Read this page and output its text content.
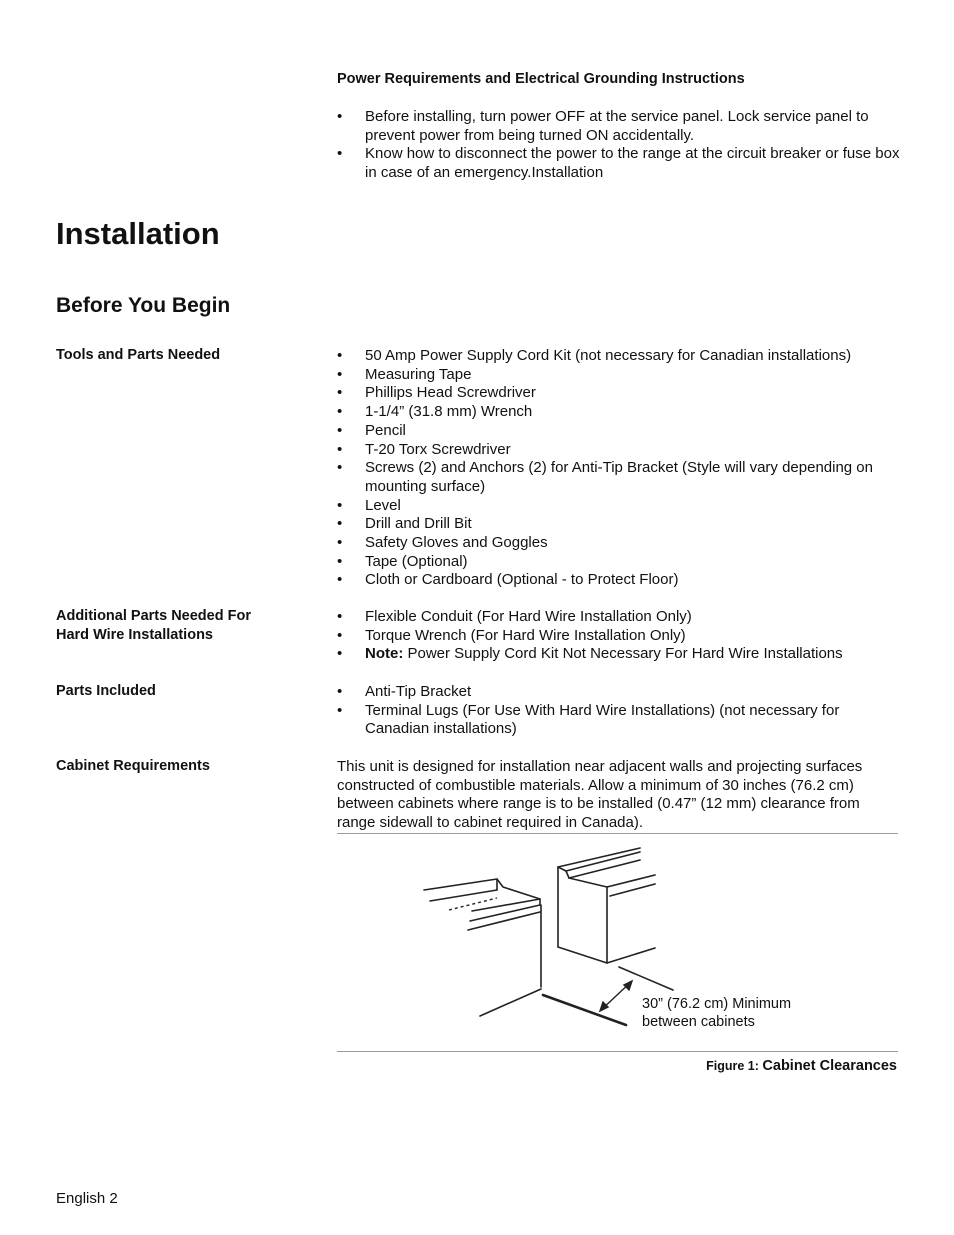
Power Requirements and Electrical Grounding Instructions
• Before installing, turn power OFF at the service panel. Lock service panel to prevent power from being turned ON accidentally.
• Know how to disconnect the power to the range at the circuit breaker or fuse box in case of an emergency.Installation
Installation
Before You Begin
Tools and Parts Needed	• 50 Amp Power Supply Cord Kit (not necessary for Canadian installations)
• Measuring Tape
• Phillips Head Screwdriver
• 1-1/4” (31.8 mm) Wrench
• Pencil
• T-20 Torx Screwdriver
• Screws (2) and Anchors (2) for Anti-Tip Bracket (Style will vary depending on mounting surface)
• Level
• Drill and Drill Bit
• Safety Gloves and Goggles
• Tape (Optional)
• Cloth or Cardboard (Optional - to Protect Floor)
Additional Parts Needed For Hard Wire Installations
• Flexible Conduit (For Hard Wire Installation Only)
• Torque Wrench (For Hard Wire Installation Only)
• Note: Power Supply Cord Kit Not Necessary For Hard Wire Installations
Parts Included	• Anti-Tip Bracket
• Terminal Lugs (For Use With Hard Wire Installations) (not necessary for Canadian installations)
Cabinet Requirements	This unit is designed for installation near adjacent walls and projecting surfaces constructed of combustible materials. Allow a minimum of 30 inches (76.2 cm) between cabinets where range is to be installed (0.47” (12 mm) clearance from range sidewall to cabinet required in Canada).
30” (76.2 cm) Minimum
between cabinets
Figure 1: Cabinet Clearances
English 2
